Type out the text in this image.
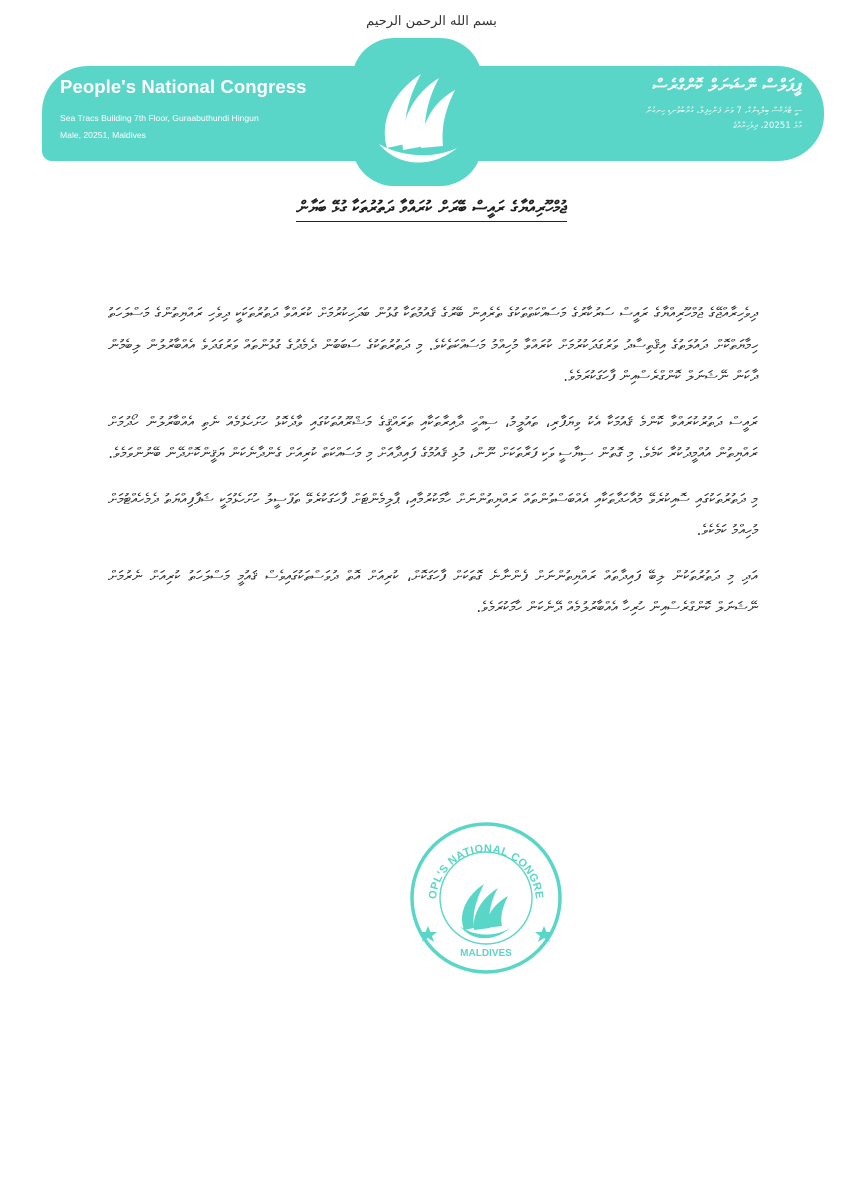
بسم الله الرحمن الرحيم
People's National Congress
Sea Tracs Building 7th Floor, Guraabuthundi Hingun
Male, 20251, Maldives
ޕީޕަލްސް ނޭޝަނަލް ކޮންގްރެސް
ސީ ޓްރެކްސް ބިލްޑިންގް، 7 ވަނަ ފަންގިފިލާ، ގުރާބުތުނޑި ހިނގުން
މާލެ 20251، ދިވެހިރާއްޖެ
ޖުމްހޫރިއްޔާގެ ރައީސް ބޭރަށް ކުރައްވާ ދަތުރުތަކާ ގުޅޭ ބަޔާން

ދިވެހިރާއްޖޭގެ ޖުމްހޫރިއްޔާގެ ރައީސް ސަރުކާރުގެ މަސައްކަތްތަކުގެ ތެރެއިން ބޭރުގެ ޤައުމުތަކާ ގުޅުން ބަދަހިކުރުމަށް ކުރައްވާ ދަތުރުތަކަކީ ދިވެހި ރައްޔިތުންގެ މަސްލަހަތު ހިމާޔަތްކޮށް ދައުލަތުގެ އިޤްތިސާދު ވަރުގަދަކުރުމަށް ކުރައްވާ މުހިއްމު މަސައްކަތެކެވެ. މި ދަތުރުތަކުގެ ސަބަބުން ދެމެދުގެ ގުޅުންތައް ވަރުގަދަވެ އެއްބާރުލުން ލިބެމުން ދާކަން ނޭޝަނަލް ކޮންގްރެސްއިން ފާހަގަކުރަމެވެ.

ރައީސް ދަތުރުކުރައްވާ ކޮންމެ ޤައުމަކާ އެކު ވިޔަފާރި، ތައުލީމު، ސިއްހީ ދާއިރާތަކާއި ތަރައްޤީގެ މަޝްރޫއުތަކުގައި ވާދެކޮޅު ހުށަހެޅުމެއް ނެތި އެއްބާރުލުން ހޯދުމަށް ރައްޔިތުން އުއްމީދުކުރާ ކަމެވެ. މި ގޮތުން ސިޔާސީ ވަކި ފަރާތަކަށް ނޫން، މުޅި ޤައުމުގެ ފައިދާއަށް މި މަސައްކަތް ކުރިއަށް ގެންދާނެކަން ޔަޤީންކޮށްދޭން ބޭނުންވަމެވެ.

މި ދަތުރުތަކުގައި ސޮއިކުރެވޭ މުއާހަދާތަކާއި އެއްބަސްވުންތައް ރައްޔިތުންނަށް ހާމަކުރުމާއި، ޕާލިމެންޓަށް ފާހަގަކުރެވޭ ތަފްސީލު ހުށަހެޅުމަކީ ޝަފާފިއްޔަތު ދެމެހެއްޓުމަށް މުހިއްމު ކަމެކެވެ.

އަދި މި ދަތުރުތަކުން ލިބޭ ފައިދާތައް ރައްޔިތުންނަށް ފެންނާނެ ގޮތަކަށް ފާހަގަކޮށް، ކުރިއަށް އޮތް ދުވަސްތަކުގައިވެސް ޤައުމީ މަސްލަހަތު ކުރިއަށް ނެރުމަށް ނޭޝަނަލް ކޮންގްރެސްއިން ހުރިހާ އެއްބާރުލުމެއް ދޭނެކަން ހާމަކުރަމެވެ.

OPL'S NATIONAL CONGRE
MALDIVES
